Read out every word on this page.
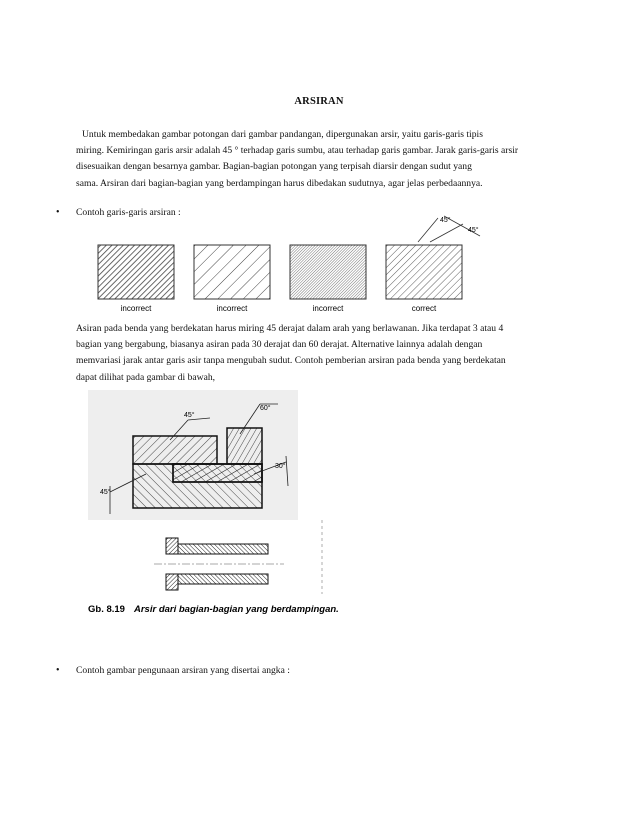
ARSIRAN
Untuk membedakan gambar potongan dari gambar pandangan, dipergunakan arsir, yaitu garis-garis tipis
miring. Kemiringan garis arsir adalah 45 ° terhadap garis sumbu, atau terhadap garis gambar. Jarak garis-garis arsir
disesuaikan dengan besarnya gambar. Bagian-bagian potongan yang terpisah diarsir dengan sudut yang
sama. Arsiran dari bagian-bagian yang berdampingan harus dibedakan sudutnya, agar jelas perbedaannya.
•	Contoh garis-garis arsiran :
incorrect	incorrect	incorrect	correct
45°
45°
Asiran pada benda yang berdekatan harus miring 45 derajat dalam arah yang berlawanan. Jika terdapat 3 atau 4
bagian yang bergabung, biasanya asiran pada 30 derajat dan 60 derajat. Alternative lainnya adalah dengan
memvariasi jarak antar garis asir tanpa mengubah sudut. Contoh pemberian arsiran pada benda yang berdekatan
dapat dilihat pada gambar di bawah,
45°
60°
30°
45°
Gb. 8.19 Arsir dari bagian-bagian yang berdampingan.
•	Contoh gambar pengunaan arsiran yang disertai angka :
